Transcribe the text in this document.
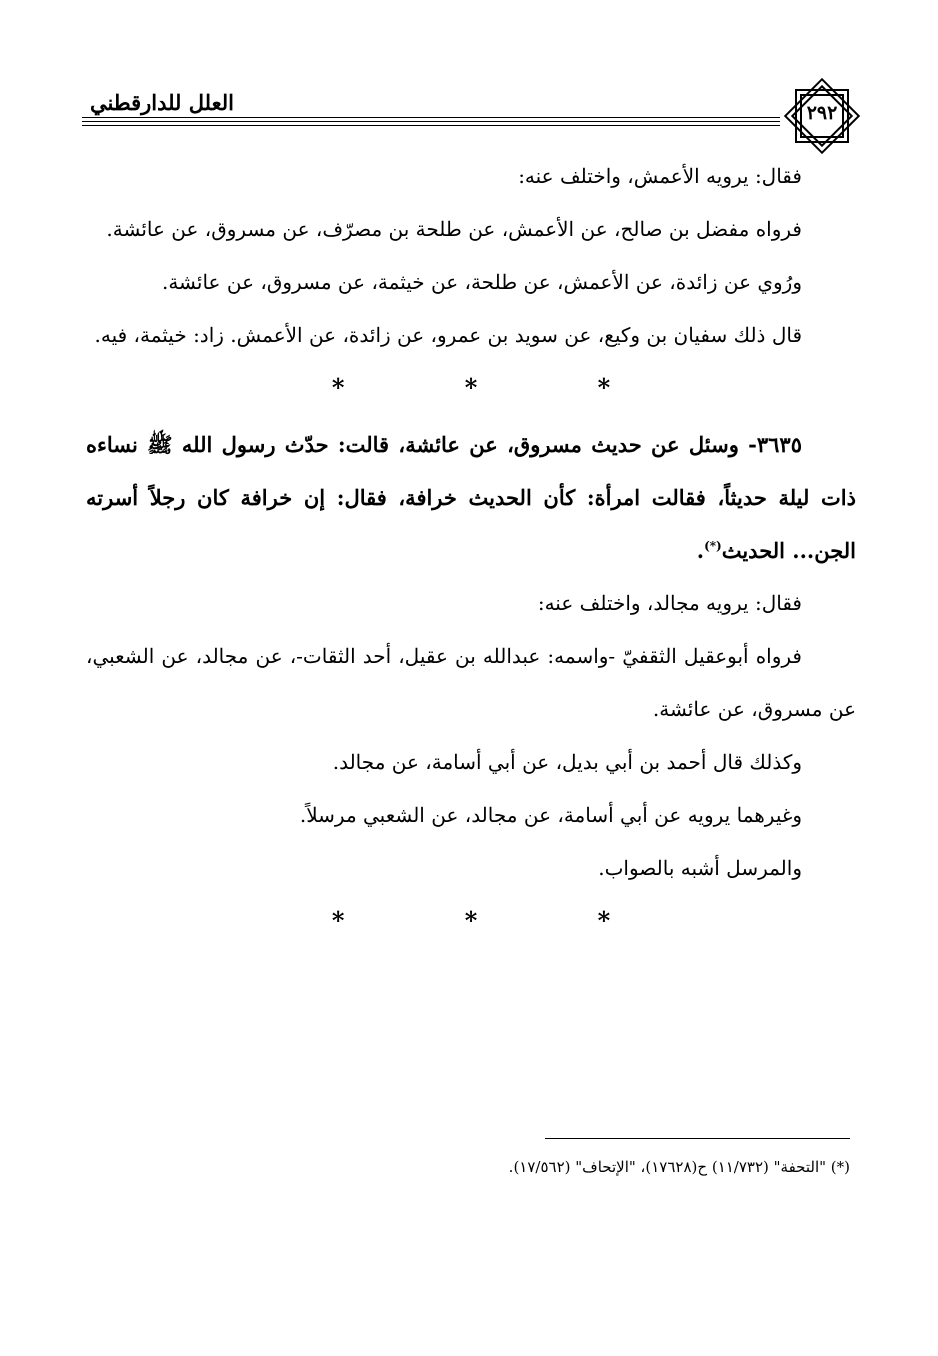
العلل للدارقطني	٢٩٢

فقال: يرويه الأعمش، واختلف عنه:

فرواه مفضل بن صالح، عن الأعمش، عن طلحة بن مصرّف، عن مسروق، عن عائشة.

ورُوي عن زائدة، عن الأعمش، عن طلحة، عن خيثمة، عن مسروق، عن عائشة.

قال ذلك سفيان بن وكيع، عن سويد بن عمرو، عن زائدة، عن الأعمش. زاد: خيثمة، فيه.

* * *

٣٦٣٥- وسئل عن حديث مسروق، عن عائشة، قالت: حدّث رسول الله ﷺ نساءه ذات ليلة حديثاً، فقالت امرأة: كأن الحديث خرافة، فقال: إن خرافة كان رجلاً أسرته الجن... الحديث(*).

فقال: يرويه مجالد، واختلف عنه:

فرواه أبوعقيل الثقفيّ -واسمه: عبدالله بن عقيل، أحد الثقات-، عن مجالد، عن الشعبي، عن مسروق، عن عائشة.

وكذلك قال أحمد بن أبي بديل، عن أبي أسامة، عن مجالد.

وغيرهما يرويه عن أبي أسامة، عن مجالد، عن الشعبي مرسلاً.

والمرسل أشبه بالصواب.

* * *
(*) "التحفة" (١١/٧٣٢) ح(١٧٦٢٨)، "الإتحاف" (١٧/٥٦٢).
